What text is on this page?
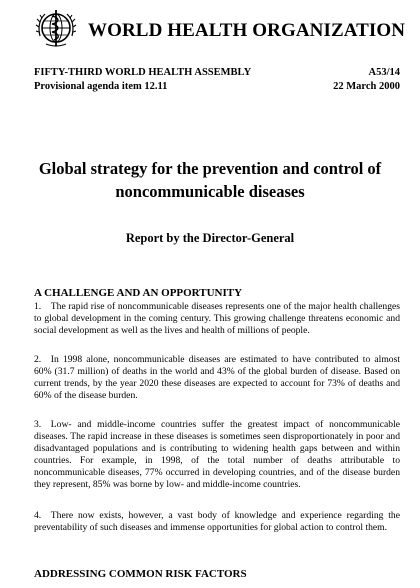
WORLD HEALTH ORGANIZATION
FIFTY-THIRD WORLD HEALTH ASSEMBLY
Provisional agenda item 12.11
A53/14
22 March 2000
Global strategy for the prevention and control of noncommunicable diseases
Report by the Director-General
A CHALLENGE AND AN OPPORTUNITY

1. The rapid rise of noncommunicable diseases represents one of the major health challenges to global development in the coming century. This growing challenge threatens economic and social development as well as the lives and health of millions of people.

2. In 1998 alone, noncommunicable diseases are estimated to have contributed to almost 60% (31.7 million) of deaths in the world and 43% of the global burden of disease. Based on current trends, by the year 2020 these diseases are expected to account for 73% of deaths and 60% of the disease burden.

3. Low- and middle-income countries suffer the greatest impact of noncommunicable diseases. The rapid increase in these diseases is sometimes seen disproportionately in poor and disadvantaged populations and is contributing to widening health gaps between and within countries. For example, in 1998, of the total number of deaths attributable to noncommunicable diseases, 77% occurred in developing countries, and of the disease burden they represent, 85% was borne by low- and middle-income countries.

4. There now exists, however, a vast body of knowledge and experience regarding the preventability of such diseases and immense opportunities for global action to control them.

ADDRESSING COMMON RISK FACTORS
